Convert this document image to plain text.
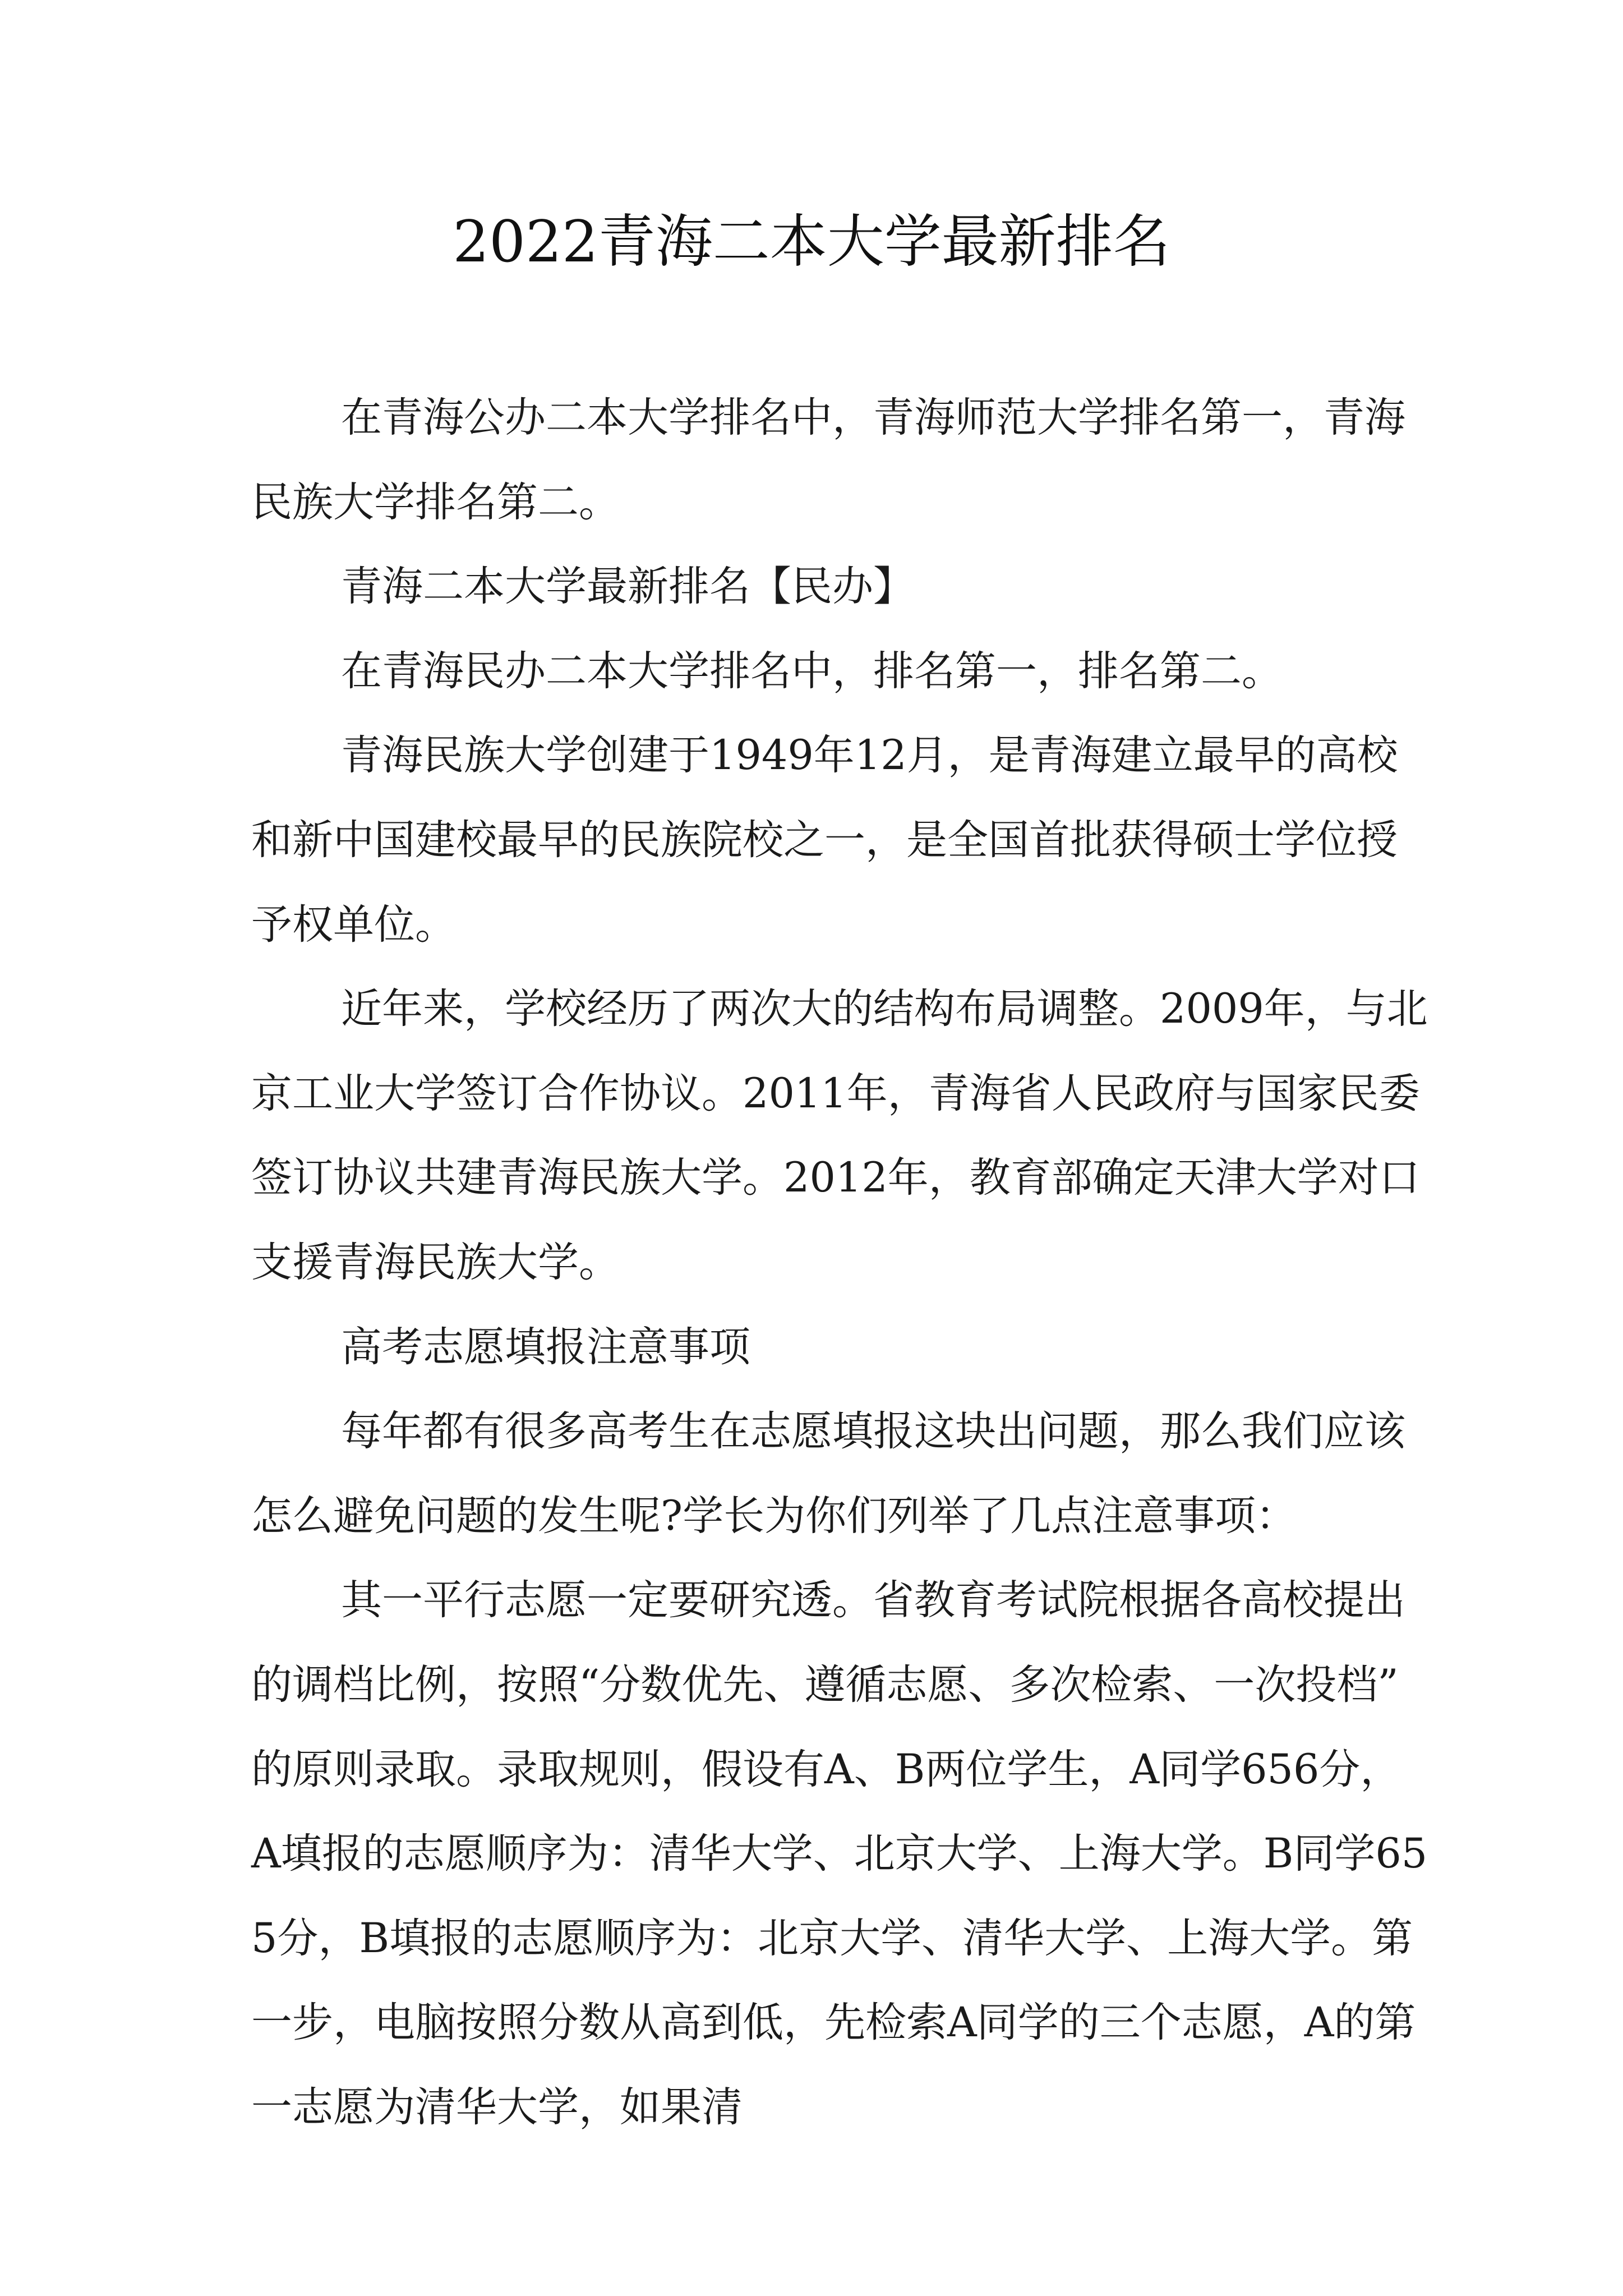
2022青海二本大学最新排名

在青海公办二本大学排名中，青海师范大学排名第一，青海民族大学排名第二。

青海二本大学最新排名【民办】

在青海民办二本大学排名中，排名第一，排名第二。

青海民族大学创建于1949年12月，是青海建立最早的高校和新中国建校最早的民族院校之一，是全国首批获得硕士学位授予权单位。

近年来，学校经历了两次大的结构布局调整。2009年，与北京工业大学签订合作协议。2011年，青海省人民政府与国家民委签订协议共建青海民族大学。2012年，教育部确定天津大学对口支援青海民族大学。

高考志愿填报注意事项

每年都有很多高考生在志愿填报这块出问题，那么我们应该怎么避免问题的发生呢?学长为你们列举了几点注意事项：

其一平行志愿一定要研究透。省教育考试院根据各高校提出的调档比例，按照“分数优先、遵循志愿、多次检索、一次投档”的原则录取。录取规则，假设有A、B两位学生，A同学656分，A填报的志愿顺序为：清华大学、北京大学、上海大学。B同学655分，B填报的志愿顺序为：北京大学、清华大学、上海大学。第一步，电脑按照分数从高到低，先检索A同学的三个志愿，A的第一志愿为清华大学，如果清
